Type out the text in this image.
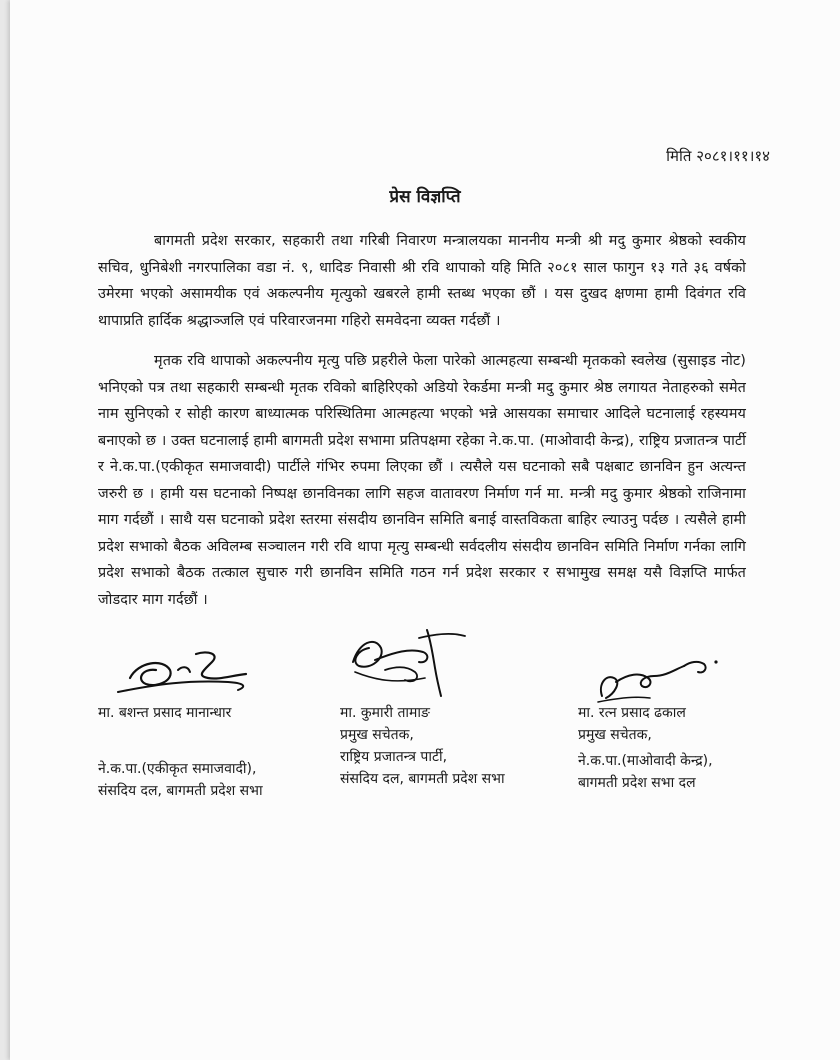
मिति २०८१।११।१४
प्रेस विज्ञप्ति

बागमती प्रदेश सरकार, सहकारी तथा गरिबी निवारण मन्त्रालयका माननीय मन्त्री श्री मदु कुमार श्रेष्ठको स्वकीय सचिव, धुनिबेशी नगरपालिका वडा नं. ९, धादिङ निवासी श्री रवि थापाको यहि मिति २०८१ साल फागुन १३ गते ३६ वर्षको उमेरमा भएको असामयीक एवं अकल्पनीय मृत्युको खबरले हामी स्तब्ध भएका छौं । यस दुखद क्षणमा हामी दिवंगत रवि थापाप्रति हार्दिक श्रद्धाञ्जलि एवं परिवारजनमा गहिरो समवेदना व्यक्त गर्दछौं ।

मृतक रवि थापाको अकल्पनीय मृत्यु पछि प्रहरीले फेला पारेको आत्महत्या सम्बन्धी मृतकको स्वलेख (सुसाइड नोट) भनिएको पत्र तथा सहकारी सम्बन्धी मृतक रविको बाहिरिएको अडियो रेकर्डमा मन्त्री मदु कुमार श्रेष्ठ लगायत नेताहरुको समेत नाम सुनिएको र सोही कारण बाध्यात्मक परिस्थितिमा आत्महत्या भएको भन्ने आसयका समाचार आदिले घटनालाई रहस्यमय बनाएको छ । उक्त घटनालाई हामी बागमती प्रदेश सभामा प्रतिपक्षमा रहेका ने.क.पा. (माओवादी केन्द्र), राष्ट्रिय प्रजातन्त्र पार्टी र ने.क.पा.(एकीकृत समाजवादी) पार्टीले गंभिर रुपमा लिएका छौं । त्यसैले यस घटनाको सबै पक्षबाट छानविन हुन अत्यन्त जरुरी छ । हामी यस घटनाको निष्पक्ष छानविनका लागि सहज वातावरण निर्माण गर्न मा. मन्त्री मदु कुमार श्रेष्ठको राजिनामा माग गर्दछौं । साथै यस घटनाको प्रदेश स्तरमा संसदीय छानविन समिति बनाई वास्तविकता बाहिर ल्याउनु पर्दछ । त्यसैले हामी प्रदेश सभाको बैठक अविलम्ब सञ्चालन गरी रवि थापा मृत्यु सम्बन्धी सर्वदलीय संसदीय छानविन समिति निर्माण गर्नका लागि प्रदेश सभाको बैठक तत्काल सुचारु गरी छानविन समिति गठन गर्न प्रदेश सरकार र सभामुख समक्ष यसै विज्ञप्ति मार्फत जोडदार माग गर्दछौं ।

मा. बशन्त प्रसाद मानान्धार
ने.क.पा.(एकीकृत समाजवादी),
संसदिय दल, बागमती प्रदेश सभा
मा. कुमारी तामाङ
प्रमुख सचेतक,
राष्ट्रिय प्रजातन्त्र पार्टी,
संसदिय दल, बागमती प्रदेश सभा
मा. रत्न प्रसाद ढकाल
प्रमुख सचेतक,
ने.क.पा.(माओवादी केन्द्र),
बागमती प्रदेश सभा दल
